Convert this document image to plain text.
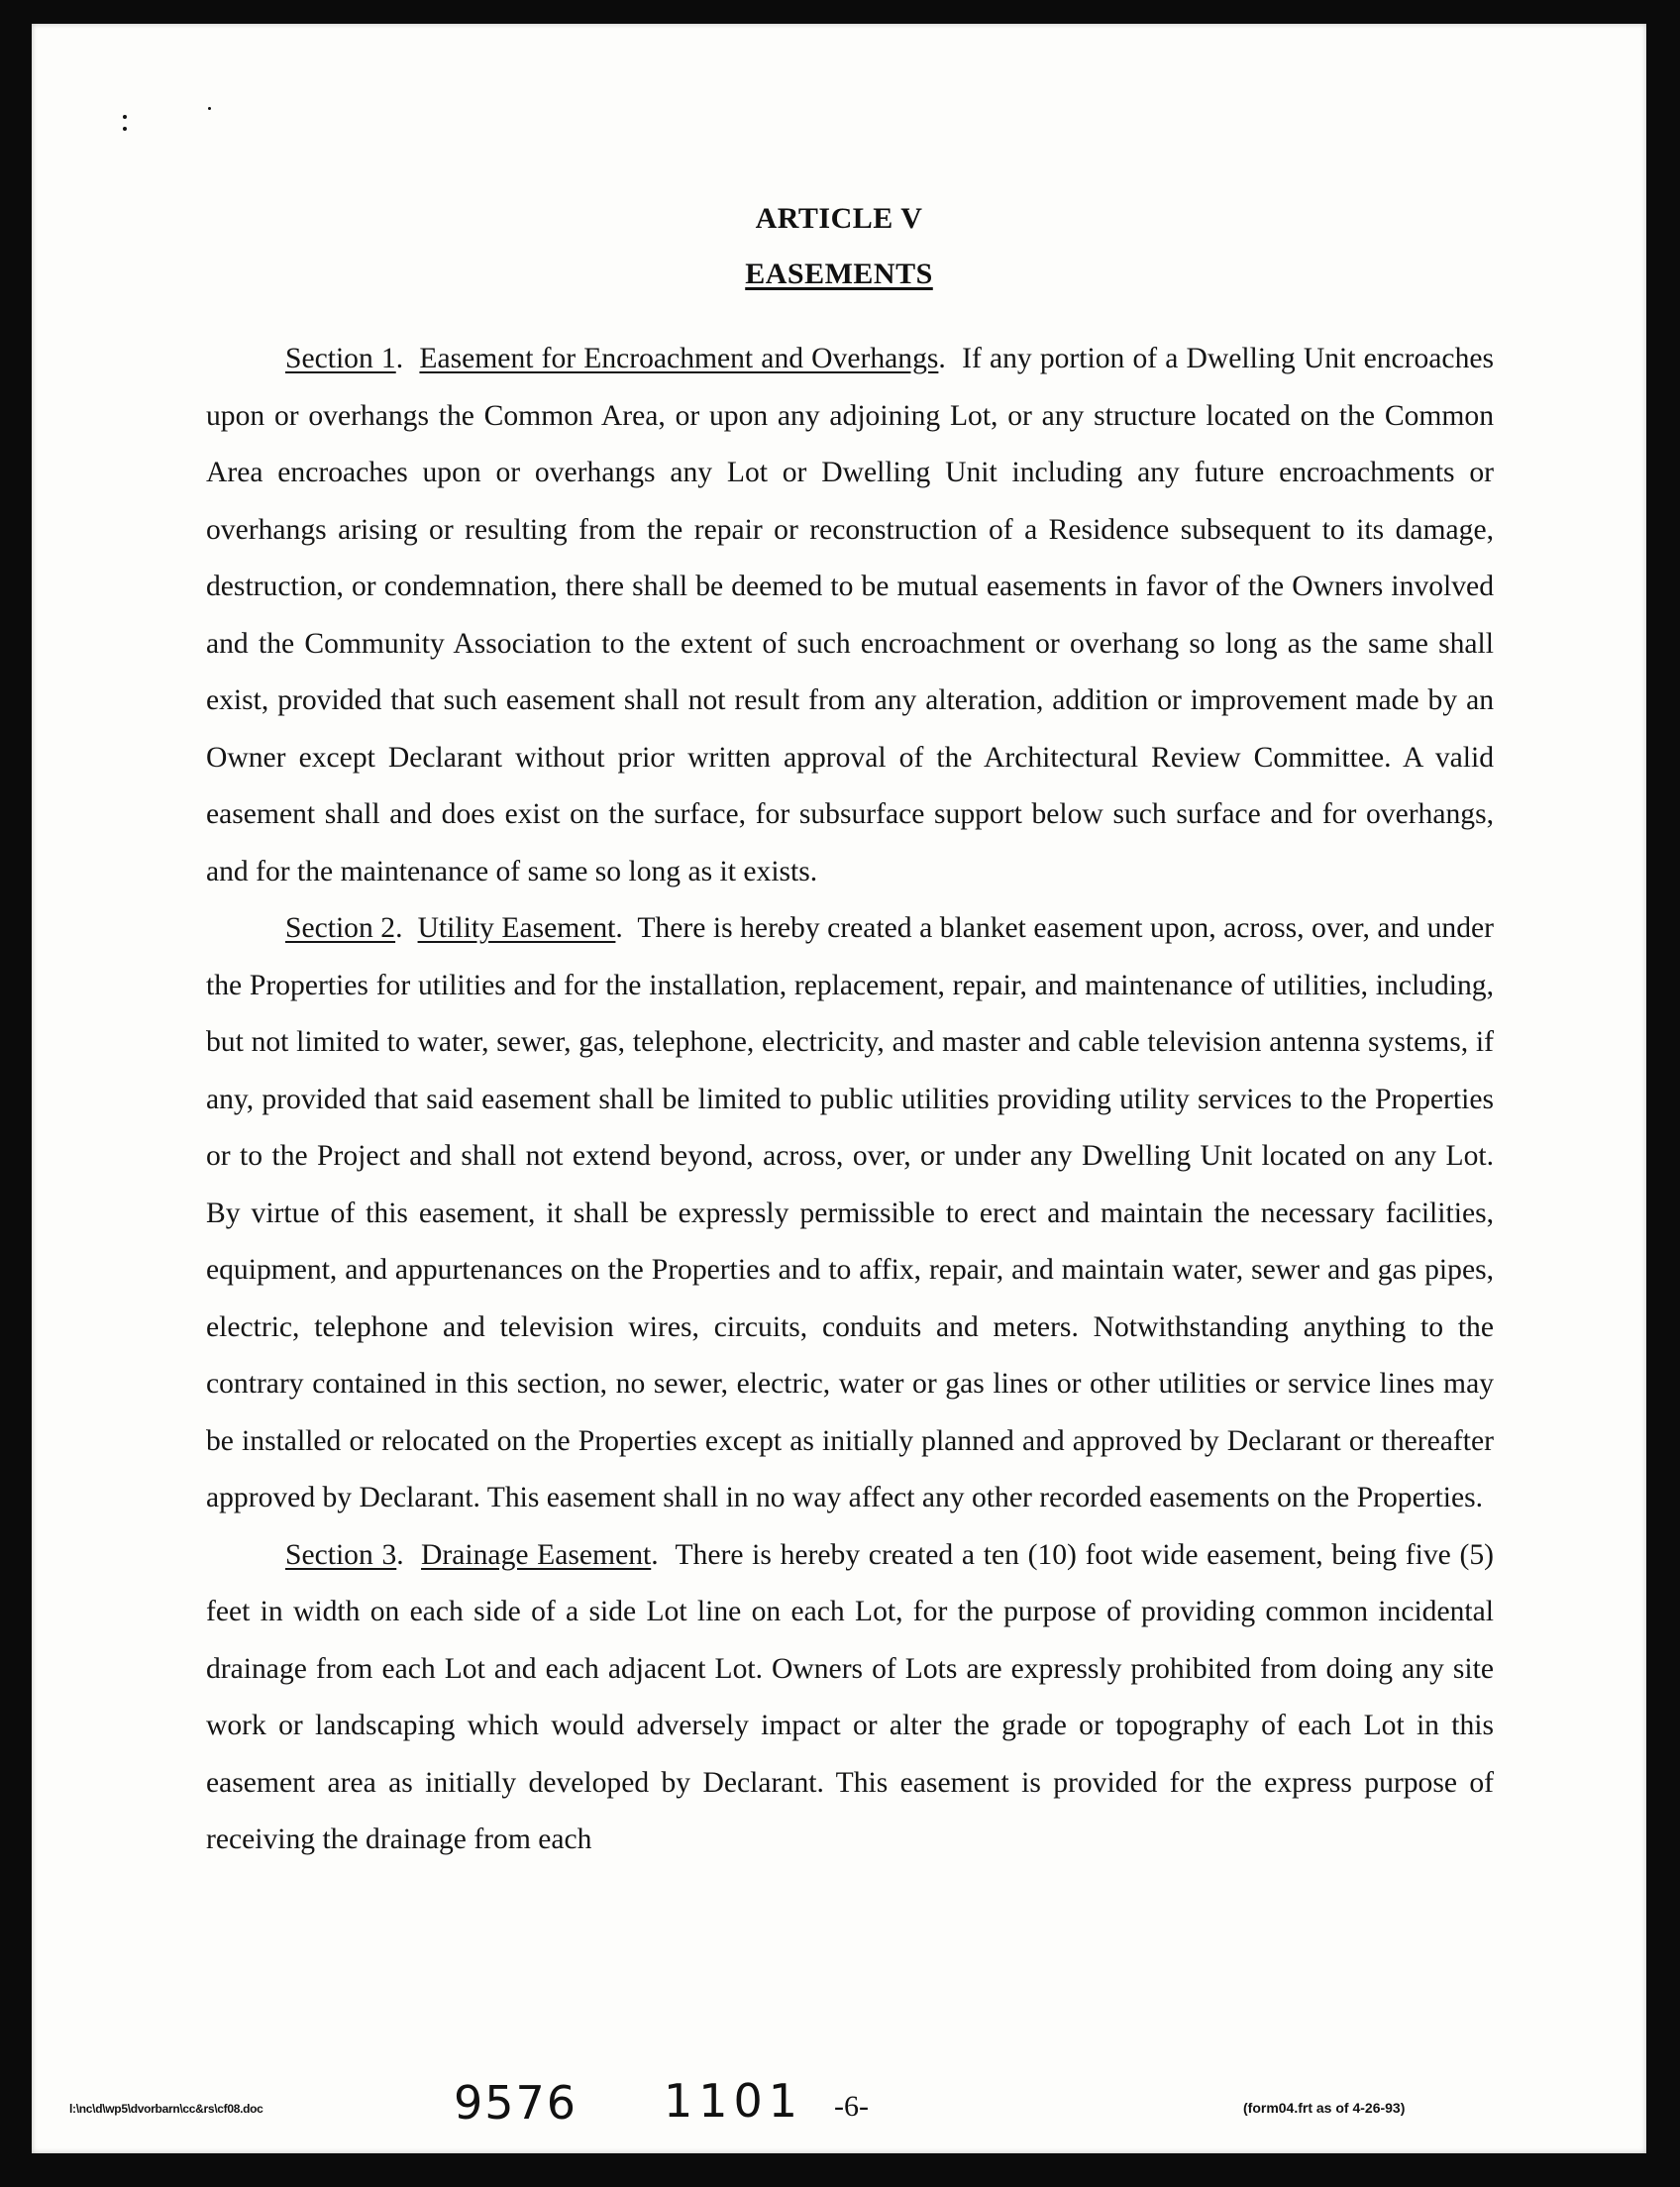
ARTICLE V
EASEMENTS

Section 1.  Easement for Encroachment and Overhangs.  If any portion of a Dwelling Unit encroaches upon or overhangs the Common Area, or upon any adjoining Lot, or any structure located on the Common Area encroaches upon or overhangs any Lot or Dwelling Unit including any future encroachments or overhangs arising or resulting from the repair or reconstruction of a Residence subsequent to its damage, destruction, or condemnation, there shall be deemed to be mutual easements in favor of the Owners involved and the Community Association to the extent of such encroachment or overhang so long as the same shall exist, provided that such easement shall not result from any alteration, addition or improvement made by an Owner except Declarant without prior written approval of the Architectural Review Committee. A valid easement shall and does exist on the surface, for subsurface support below such surface and for overhangs, and for the maintenance of same so long as it exists.

Section 2.  Utility Easement.  There is hereby created a blanket easement upon, across, over, and under the Properties for utilities and for the installation, replacement, repair, and maintenance of utilities, including, but not limited to water, sewer, gas, telephone, electricity, and master and cable television antenna systems, if any, provided that said easement shall be limited to public utilities providing utility services to the Properties or to the Project and shall not extend beyond, across, over, or under any Dwelling Unit located on any Lot. By virtue of this easement, it shall be expressly permissible to erect and maintain the necessary facilities, equipment, and appurtenances on the Properties and to affix, repair, and maintain water, sewer and gas pipes, electric, telephone and television wires, circuits, conduits and meters. Notwithstanding anything to the contrary contained in this section, no sewer, electric, water or gas lines or other utilities or service lines may be installed or relocated on the Properties except as initially planned and approved by Declarant or thereafter approved by Declarant. This easement shall in no way affect any other recorded easements on the Properties.

Section 3.  Drainage Easement.  There is hereby created a ten (10) foot wide easement, being five (5) feet in width on each side of a side Lot line on each Lot, for the purpose of providing common incidental drainage from each Lot and each adjacent Lot. Owners of Lots are expressly prohibited from doing any site work or landscaping which would adversely impact or alter the grade or topography of each Lot in this easement area as initially developed by Declarant. This easement is provided for the express purpose of receiving the drainage from each

l:\nc\d\wp5\dvorbarn\cc&rs\cf08.doc	9576 1101 -6-	(form04.frt as of 4-26-93)
